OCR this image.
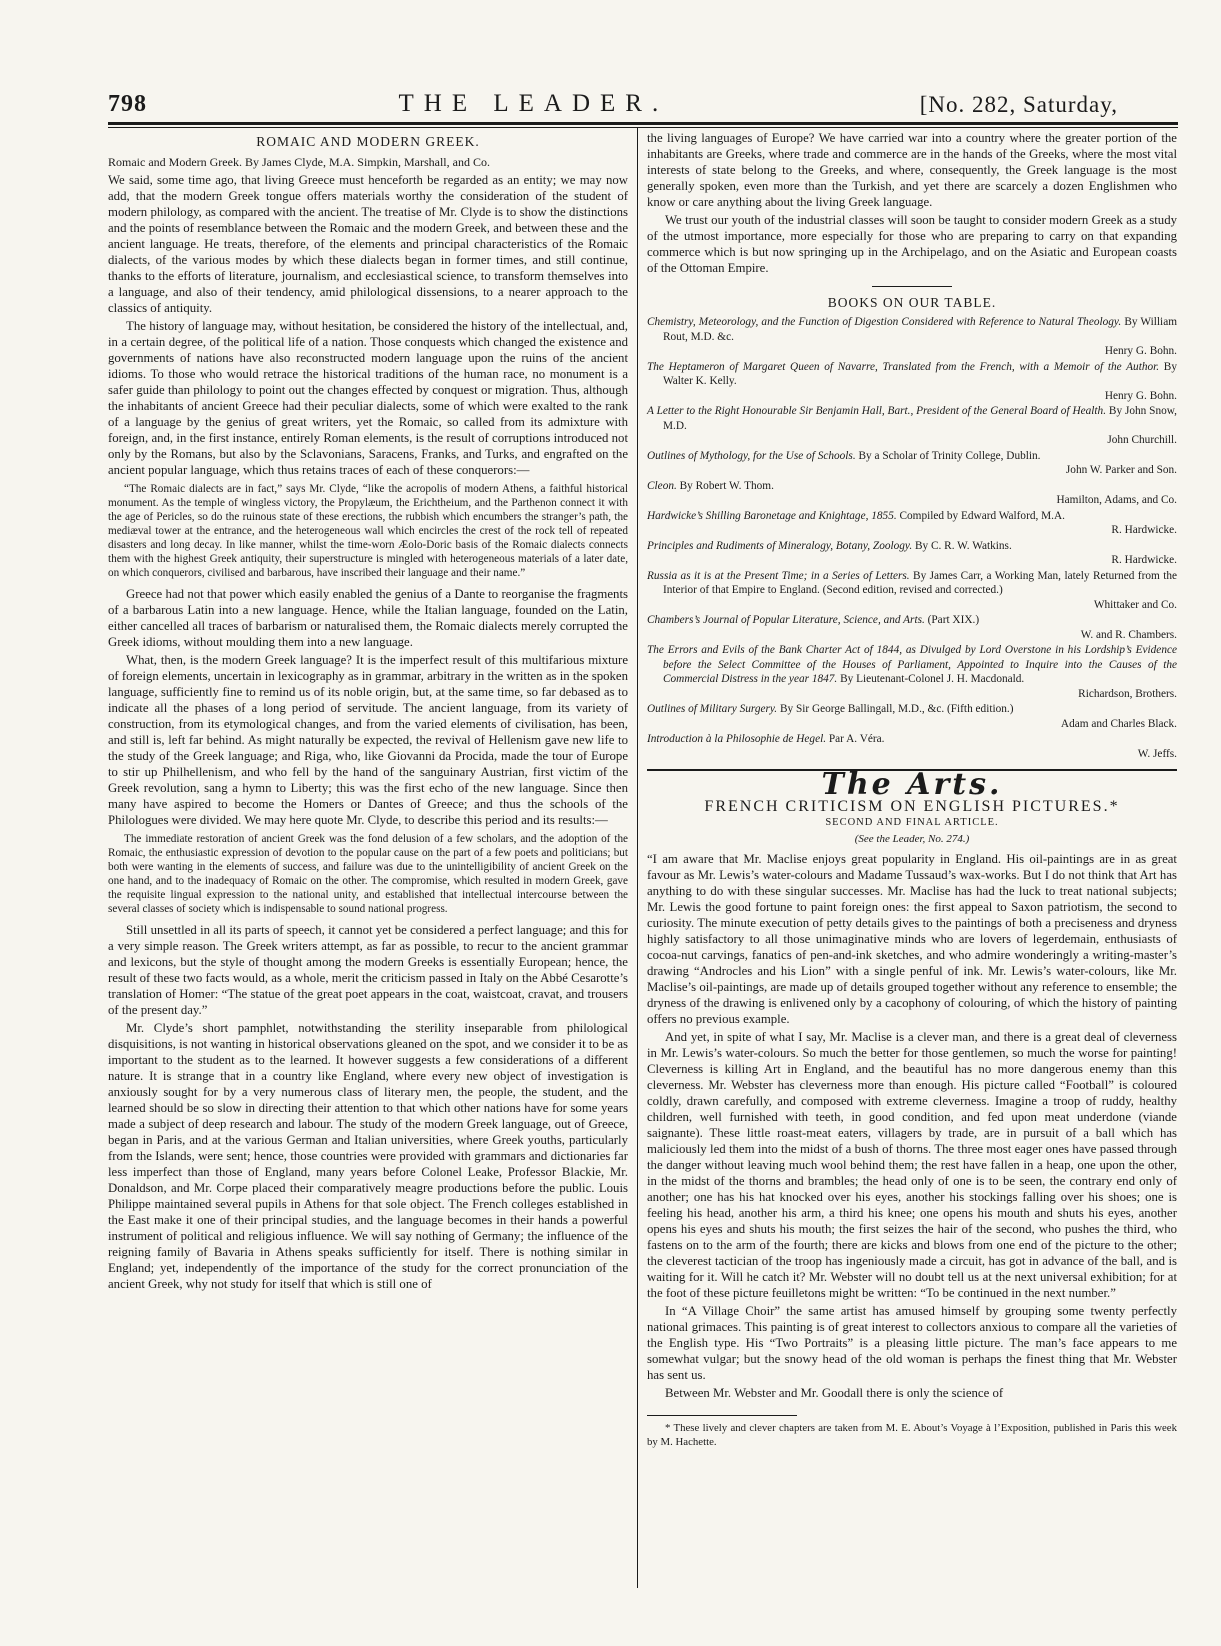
798	THE LEADER.	[No. 282, Saturday,
ROMAIC AND MODERN GREEK.

Romaic and Modern Greek. By James Clyde, M.A. Simpkin, Marshall, and Co.

We said, some time ago, that living Greece must henceforth be regarded as an entity; we may now add, that the modern Greek tongue offers materials worthy the consideration of the student of modern philology, as compared with the ancient. The treatise of Mr. Clyde is to show the distinctions and the points of resemblance between the Romaic and the modern Greek, and between these and the ancient language. He treats, therefore, of the elements and principal characteristics of the Romaic dialects, of the various modes by which these dialects began in former times, and still continue, thanks to the efforts of literature, journalism, and ecclesiastical science, to transform themselves into a language, and also of their tendency, amid philological dissensions, to a nearer approach to the classics of antiquity.

The history of language may, without hesitation, be considered the history of the intellectual, and, in a certain degree, of the political life of a nation. Those conquests which changed the existence and governments of nations have also reconstructed modern language upon the ruins of the ancient idioms. To those who would retrace the historical traditions of the human race, no monument is a safer guide than philology to point out the changes effected by conquest or migration. Thus, although the inhabitants of ancient Greece had their peculiar dialects, some of which were exalted to the rank of a language by the genius of great writers, yet the Romaic, so called from its admixture with foreign, and, in the first instance, entirely Roman elements, is the result of corruptions introduced not only by the Romans, but also by the Sclavonians, Saracens, Franks, and Turks, and engrafted on the ancient popular language, which thus retains traces of each of these conquerors:—

“The Romaic dialects are in fact,” says Mr. Clyde, “like the acropolis of modern Athens, a faithful historical monument. As the temple of wingless victory, the Propylæum, the Erichtheium, and the Parthenon connect it with the age of Pericles, so do the ruinous state of these erections, the rubbish which encumbers the stranger’s path, the mediæval tower at the entrance, and the heterogeneous wall which encircles the crest of the rock tell of repeated disasters and long decay. In like manner, whilst the time-worn Æolo-Doric basis of the Romaic dialects connects them with the highest Greek antiquity, their superstructure is mingled with heterogeneous materials of a later date, on which conquerors, civilised and barbarous, have inscribed their language and their name.”

Greece had not that power which easily enabled the genius of a Dante to reorganise the fragments of a barbarous Latin into a new language. Hence, while the Italian language, founded on the Latin, either cancelled all traces of barbarism or naturalised them, the Romaic dialects merely corrupted the Greek idioms, without moulding them into a new language.

What, then, is the modern Greek language? It is the imperfect result of this multifarious mixture of foreign elements, uncertain in lexicography as in grammar, arbitrary in the written as in the spoken language, sufficiently fine to remind us of its noble origin, but, at the same time, so far debased as to indicate all the phases of a long period of servitude. The ancient language, from its variety of construction, from its etymological changes, and from the varied elements of civilisation, has been, and still is, left far behind. As might naturally be expected, the revival of Hellenism gave new life to the study of the Greek language; and Riga, who, like Giovanni da Procida, made the tour of Europe to stir up Philhellenism, and who fell by the hand of the sanguinary Austrian, first victim of the Greek revolution, sang a hymn to Liberty; this was the first echo of the new language. Since then many have aspired to become the Homers or Dantes of Greece; and thus the schools of the Philologues were divided. We may here quote Mr. Clyde, to describe this period and its results:—

The immediate restoration of ancient Greek was the fond delusion of a few scholars, and the adoption of the Romaic, the enthusiastic expression of devotion to the popular cause on the part of a few poets and politicians; but both were wanting in the elements of success, and failure was due to the unintelligibility of ancient Greek on the one hand, and to the inadequacy of Romaic on the other. The compromise, which resulted in modern Greek, gave the requisite lingual expression to the national unity, and established that intellectual intercourse between the several classes of society which is indispensable to sound national progress.

Still unsettled in all its parts of speech, it cannot yet be considered a perfect language; and this for a very simple reason. The Greek writers attempt, as far as possible, to recur to the ancient grammar and lexicons, but the style of thought among the modern Greeks is essentially European; hence, the result of these two facts would, as a whole, merit the criticism passed in Italy on the Abbé Cesarotte’s translation of Homer: “The statue of the great poet appears in the coat, waistcoat, cravat, and trousers of the present day.”

Mr. Clyde’s short pamphlet, notwithstanding the sterility inseparable from philological disquisitions, is not wanting in historical observations gleaned on the spot, and we consider it to be as important to the student as to the learned. It however suggests a few considerations of a different nature. It is strange that in a country like England, where every new object of investigation is anxiously sought for by a very numerous class of literary men, the people, the student, and the learned should be so slow in directing their attention to that which other nations have for some years made a subject of deep research and labour. The study of the modern Greek language, out of Greece, began in Paris, and at the various German and Italian universities, where Greek youths, particularly from the Islands, were sent; hence, those countries were provided with grammars and dictionaries far less imperfect than those of England, many years before Colonel Leake, Professor Blackie, Mr. Donaldson, and Mr. Corpe placed their comparatively meagre productions before the public. Louis Philippe maintained several pupils in Athens for that sole object. The French colleges established in the East make it one of their principal studies, and the language becomes in their hands a powerful instrument of political and religious influence. We will say nothing of Germany; the influence of the reigning family of Bavaria in Athens speaks sufficiently for itself. There is nothing similar in England; yet, independently of the importance of the study for the correct pronunciation of the ancient Greek, why not study for itself that which is still one of

the living languages of Europe? We have carried war into a country where the greater portion of the inhabitants are Greeks, where trade and commerce are in the hands of the Greeks, where the most vital interests of state belong to the Greeks, and where, consequently, the Greek language is the most generally spoken, even more than the Turkish, and yet there are scarcely a dozen Englishmen who know or care anything about the living Greek language.

We trust our youth of the industrial classes will soon be taught to consider modern Greek as a study of the utmost importance, more especially for those who are preparing to carry on that expanding commerce which is but now springing up in the Archipelago, and on the Asiatic and European coasts of the Ottoman Empire.

BOOKS ON OUR TABLE.

Chemistry, Meteorology, and the Function of Digestion Considered with Reference to Natural Theology. By William Rout, M.D. &c.
Henry G. Bohn.

The Heptameron of Margaret Queen of Navarre, Translated from the French, with a Memoir of the Author. By Walter K. Kelly.
Henry G. Bohn.

A Letter to the Right Honourable Sir Benjamin Hall, Bart., President of the General Board of Health. By John Snow, M.D.
John Churchill.

Outlines of Mythology, for the Use of Schools. By a Scholar of Trinity College, Dublin.
John W. Parker and Son.

Cleon. By Robert W. Thom.
Hamilton, Adams, and Co.

Hardwicke’s Shilling Baronetage and Knightage, 1855. Compiled by Edward Walford, M.A.
R. Hardwicke.

Principles and Rudiments of Mineralogy, Botany, Zoology. By C. R. W. Watkins.
R. Hardwicke.

Russia as it is at the Present Time; in a Series of Letters. By James Carr, a Working Man, lately Returned from the Interior of that Empire to England. (Second edition, revised and corrected.)
Whittaker and Co.

Chambers’s Journal of Popular Literature, Science, and Arts. (Part XIX.)
W. and R. Chambers.

The Errors and Evils of the Bank Charter Act of 1844, as Divulged by Lord Overstone in his Lordship’s Evidence before the Select Committee of the Houses of Parliament, Appointed to Inquire into the Causes of the Commercial Distress in the year 1847. By Lieutenant-Colonel J. H. Macdonald.
Richardson, Brothers.

Outlines of Military Surgery. By Sir George Ballingall, M.D., &c. (Fifth edition.)
Adam and Charles Black.

Introduction à la Philosophie de Hegel. Par A. Véra.
W. Jeffs.

The Arts.
FRENCH CRITICISM ON ENGLISH PICTURES.*
SECOND AND FINAL ARTICLE.
(See the Leader, No. 274.)

“I am aware that Mr. Maclise enjoys great popularity in England. His oil-paintings are in as great favour as Mr. Lewis’s water-colours and Madame Tussaud’s wax-works. But I do not think that Art has anything to do with these singular successes. Mr. Maclise has had the luck to treat national subjects; Mr. Lewis the good fortune to paint foreign ones: the first appeal to Saxon patriotism, the second to curiosity. The minute execution of petty details gives to the paintings of both a preciseness and dryness highly satisfactory to all those unimaginative minds who are lovers of legerdemain, enthusiasts of cocoa-nut carvings, fanatics of pen-and-ink sketches, and who admire wonderingly a writing-master’s drawing “Androcles and his Lion” with a single penful of ink. Mr. Lewis’s water-colours, like Mr. Maclise’s oil-paintings, are made up of details grouped together without any reference to ensemble; the dryness of the drawing is enlivened only by a cacophony of colouring, of which the history of painting offers no previous example.

And yet, in spite of what I say, Mr. Maclise is a clever man, and there is a great deal of cleverness in Mr. Lewis’s water-colours. So much the better for those gentlemen, so much the worse for painting! Cleverness is killing Art in England, and the beautiful has no more dangerous enemy than this cleverness. Mr. Webster has cleverness more than enough. His picture called “Football” is coloured coldly, drawn carefully, and composed with extreme cleverness. Imagine a troop of ruddy, healthy children, well furnished with teeth, in good condition, and fed upon meat underdone (viande saignante). These little roast-meat eaters, villagers by trade, are in pursuit of a ball which has maliciously led them into the midst of a bush of thorns. The three most eager ones have passed through the danger without leaving much wool behind them; the rest have fallen in a heap, one upon the other, in the midst of the thorns and brambles; the head only of one is to be seen, the contrary end only of another; one has his hat knocked over his eyes, another his stockings falling over his shoes; one is feeling his head, another his arm, a third his knee; one opens his mouth and shuts his eyes, another opens his eyes and shuts his mouth; the first seizes the hair of the second, who pushes the third, who fastens on to the arm of the fourth; there are kicks and blows from one end of the picture to the other; the cleverest tactician of the troop has ingeniously made a circuit, has got in advance of the ball, and is waiting for it. Will he catch it? Mr. Webster will no doubt tell us at the next universal exhibition; for at the foot of these picture feuilletons might be written: “To be continued in the next number.”

In “A Village Choir” the same artist has amused himself by grouping some twenty perfectly national grimaces. This painting is of great interest to collectors anxious to compare all the varieties of the English type. His “Two Portraits” is a pleasing little picture. The man’s face appears to me somewhat vulgar; but the snowy head of the old woman is perhaps the finest thing that Mr. Webster has sent us.

Between Mr. Webster and Mr. Goodall there is only the science of

* These lively and clever chapters are taken from M. E. About’s Voyage à l’Exposition, published in Paris this week by M. Hachette.
